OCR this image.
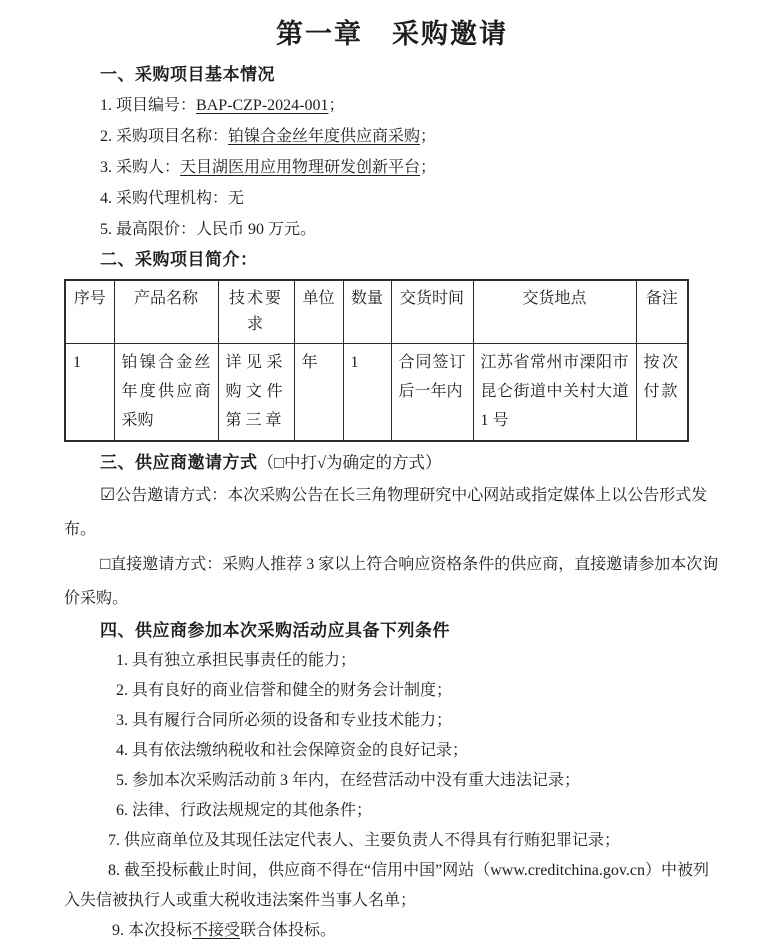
第一章　采购邀请
一、采购项目基本情况

1. 项目编号：BAP-CZP-2024-001；

2. 采购项目名称：铂镍合金丝年度供应商采购；

3. 采购人：天目湖医用应用物理研发创新平台；

4. 采购代理机构：无

5. 最高限价：人民币 90 万元。

二、采购项目简介：
序号	产品名称	技术要求	单位	数量	交货时间	交货地点	备注
1	铂镍合金丝年度供应商采购	详见采购文件第三章	年	1	合同签订后一年内	江苏省常州市溧阳市昆仑街道中关村大道 1 号	按次付款
三、供应商邀请方式（□中打√为确定的方式）

☑公告邀请方式：本次采购公告在长三角物理研究中心网站或指定媒体上以公告形式发布。

□直接邀请方式：采购人推荐 3 家以上符合响应资格条件的供应商，直接邀请参加本次询价采购。

四、供应商参加本次采购活动应具备下列条件

1. 具有独立承担民事责任的能力；

2. 具有良好的商业信誉和健全的财务会计制度；

3. 具有履行合同所必须的设备和专业技术能力；

4. 具有依法缴纳税收和社会保障资金的良好记录；

5. 参加本次采购活动前 3 年内，在经营活动中没有重大违法记录；

6. 法律、行政法规规定的其他条件；

7. 供应商单位及其现任法定代表人、主要负责人不得具有行贿犯罪记录；

8. 截至投标截止时间，供应商不得在“信用中国”网站（www.creditchina.gov.cn）中被列入失信被执行人或重大税收违法案件当事人名单；

9. 本次投标不接受联合体投标。
